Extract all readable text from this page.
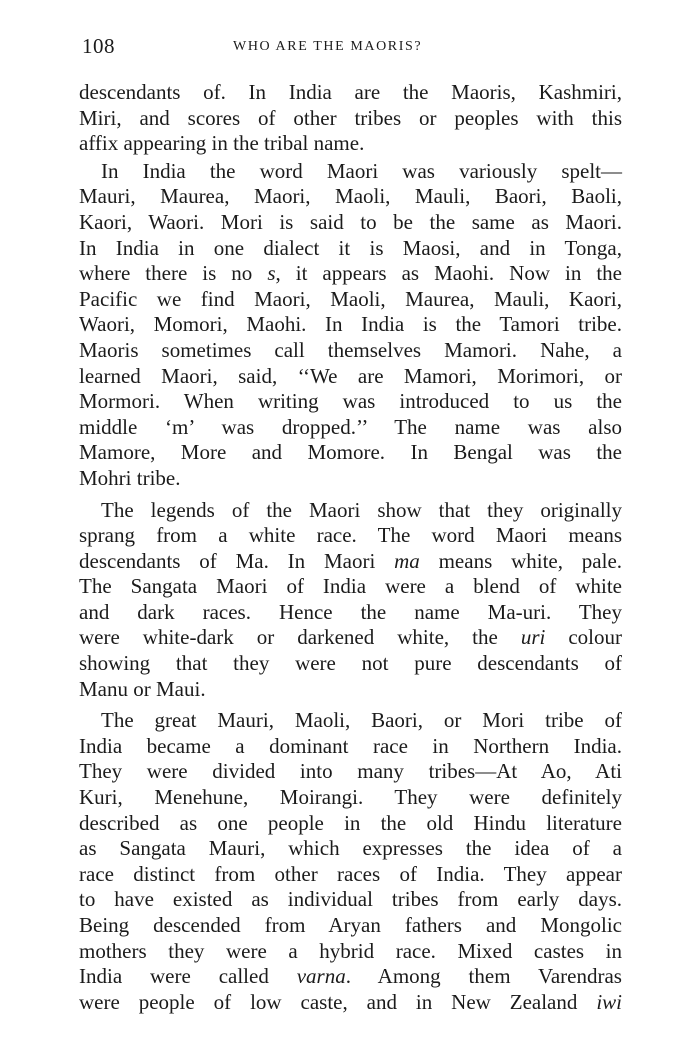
108	WHO ARE THE MAORIS?

descendants of. In India are the Maoris, Kashmiri,
Miri, and scores of other tribes or peoples with this
affix appearing in the tribal name.

In India the word Maori was variously spelt—
Mauri, Maurea, Maori, Maoli, Mauli, Baori, Baoli,
Kaori, Waori. Mori is said to be the same as Maori.
In India in one dialect it is Maosi, and in Tonga,
where there is no s, it appears as Maohi. Now in the
Pacific we find Maori, Maoli, Maurea, Mauli, Kaori,
Waori, Momori, Maohi. In India is the Tamori tribe.
Maoris sometimes call themselves Mamori. Nahe, a
learned Maori, said, ‘‘We are Mamori, Morimori, or
Mormori. When writing was introduced to us the
middle ‘m’ was dropped.’’ The name was also
Mamore, More and Momore. In Bengal was the
Mohri tribe.

The legends of the Maori show that they originally
sprang from a white race. The word Maori means
descendants of Ma. In Maori ma means white, pale.
The Sangata Maori of India were a blend of white
and dark races. Hence the name Ma-uri. They
were white-dark or darkened white, the uri colour
showing that they were not pure descendants of
Manu or Maui.

The great Mauri, Maoli, Baori, or Mori tribe of
India became a dominant race in Northern India.
They were divided into many tribes—At Ao, Ati
Kuri, Menehune, Moirangi. They were definitely
described as one people in the old Hindu literature
as Sangata Mauri, which expresses the idea of a
race distinct from other races of India. They appear
to have existed as individual tribes from early days.
Being descended from Aryan fathers and Mongolic
mothers they were a hybrid race. Mixed castes in
India were called varna. Among them Varendras
were people of low caste, and in New Zealand iwi
